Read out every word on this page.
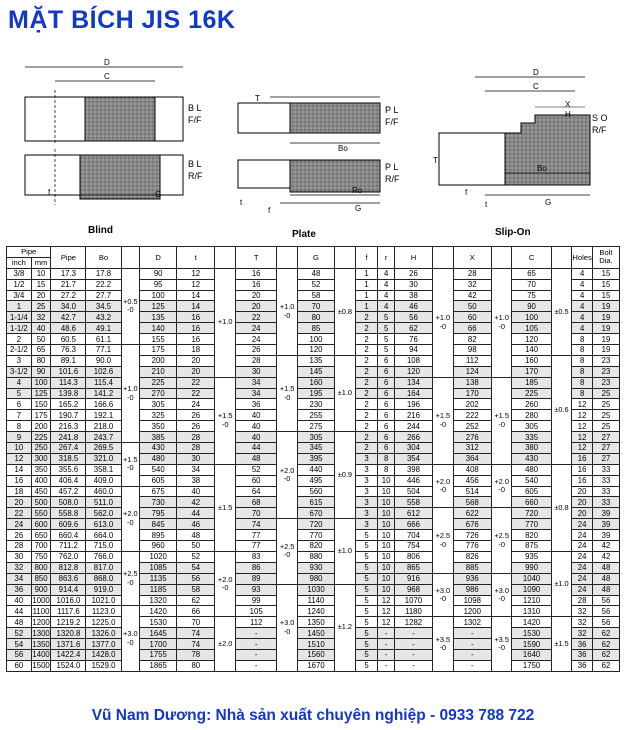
MẶT BÍCH JIS 16K
D
C
B L
F/F
B L
R/F
G
f
Blind
T
P L
F/F
Bo
P L
R/F
t
Ro
G
f
Plate
D
C
X
H S O
R/F
T
Bo
f
t	G
Slip-On
Pipe		Pipe	Bo		D	t		T		G		f	r	H		X		C		Holes	Bolt Dia.
inch	mm																				
3/8	10	17.3	17.8	+0.5 -0	90	12	+1.0	16	+1.0 -0	48	±0.8	1	4	26	+1.0 -0	28	+1.0 -0	65	±0.5	4	15
1/2	15	21.7	22.2		95	12		16		52		1	4	30		32		70		4	15
3/4	20	27.2	27.7		100	14		20		58		1	4	38		42		75		4	15
1	25	34.0	34.5		125	14		20		70		1	4	46		50		90		4	19
1-1/4	32	42.7	43.2		135	16		22		80		2	5	56		60		100		4	19
1-1/2	40	48.6	49.1		140	16		24		85		2	5	62		66		105		4	19
2	50	60.5	61.1		155	16		24		100		2	5	76		82		120		8	19
2-1/2	65	76.3	77.1	+1.0 -0	175	18		26		120		2	5	94		98		140		8	19
3	80	89.1	90.0		200	20		28	+1.5 -0	135	±1.0	2	6	108		112		160	±0.6	8	23
3-1/2	90	101.6	102.6		210	20		30		145		2	6	120		124		170		8	23
4	100	114.3	115.4		225	22	+1.5 -0	34		160		2	6	134	+1.5 -0	138	+1.5 -0	185		8	23
5	125	139.8	141.2		270	22		34		195		2	6	164		170		225		8	25
6	150	165.2	166.6		305	24		36		230		2	6	196		202		260		12	25
7	175	190.7	192.1		325	26		40		255		2	6	216		222		280		12	25
8	200	216.3	218.0		350	26		40		275		2	6	244		252		305		12	25
9	225	241.8	243.7		385	28		40	+2.0 -0	305	±0.9	2	6	266		276		335		12	27
10	250	267.4	269.5	+1.5 -0	430	28		44		345		2	6	304		312		380		12	27
12	300	318.5	321.0		480	30		48		395		3	8	354		364		430		16	27
14	350	355.6	358.1		540	34	±1.5	52		440		3	8	398	+2.0 -0	408	+2.0 -0	480	±0.8	16	33
16	400	406.4	409.0		605	38		60		495		3	10	446		456		540		16	33
18	450	457.2	460.0	+2.0 -0	675	40		64		560		3	10	504		514		605		20	33
20	500	508.0	511.0		730	42		68		615		3	10	558		568		660		20	33
22	550	558.8	562.0		795	44		70		670		3	10	612	+2.5 -0	622	+2.5 -0	720		20	39
24	600	609.6	613.0		845	46		74	+2.5 -0	720	±1.0	3	10	666		676		770		24	39
26	650	660.4	664.0		895	48		77		770		5	10	704		726		820		24	39
28	700	711.2	715.0		960	50		77		820		5	10	754		776		875		24	42
30	750	762.0	766.0	+2.5 -0	1020	52	+2.0 -0	83		880		5	10	806		826		935	±1.0	24	42
32	800	812.8	817.0		1085	54		86		930		5	10	865		885		990		24	48
34	850	863.6	868.0		1135	56		89		980		5	10	916	+3.0 -0	936	+3.0 -0	1040		24	48
36	900	914.4	919.0		1185	58		93	+3.0 -0	1030	±1.2	5	10	968		986		1090		24	48
40	1000	1016.0	1021.0		1320	62		99		1140		5	12	1070		1098		1210		28	56
44	1100	1117.6	1123.0	+3.0 -0	1420	66		105		1240		5	12	1180		1200		1310		32	56
48	1200	1219.2	1225.0		1530	70	±2.0	112		1350		5	12	1282	+3.5 -0	1302	+3.5 -0	1420	±1.5	32	56
52	1300	1320.8	1326.0		1645	74		-		1450		5	-	-		-		1530		32	62
54	1350	1371.6	1377.0		1700	74		-		1510		5	-	-		-		1590		36	62
56	1400	1422.4	1428.0		1755	78		-		1560		5	-	-		-		1640		36	62
60	1500	1524.0	1529.0		1865	80		-		1670		5	-	-		-		1750		36	62
Vũ Nam Dương: Nhà sản xuất chuyên nghiệp - 0933 788 722
